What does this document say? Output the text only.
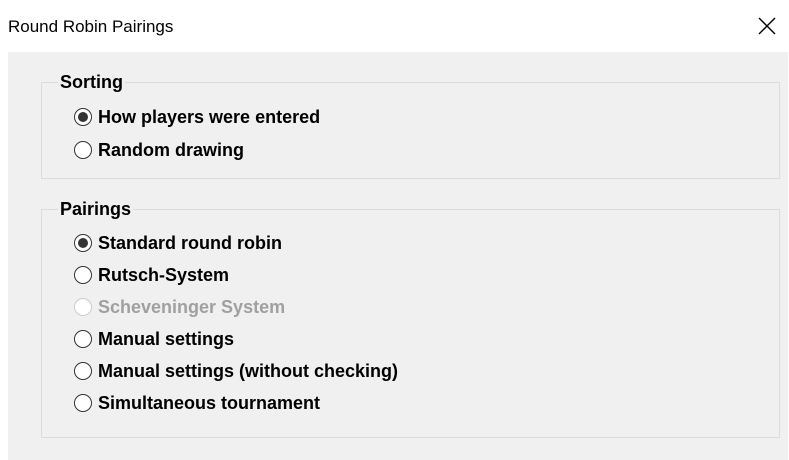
Round Robin Pairings
Sorting
How players were entered
Random drawing
Pairings
Standard round robin
Rutsch-System
Scheveninger System
Manual settings
Manual settings (without checking)
Simultaneous tournament
